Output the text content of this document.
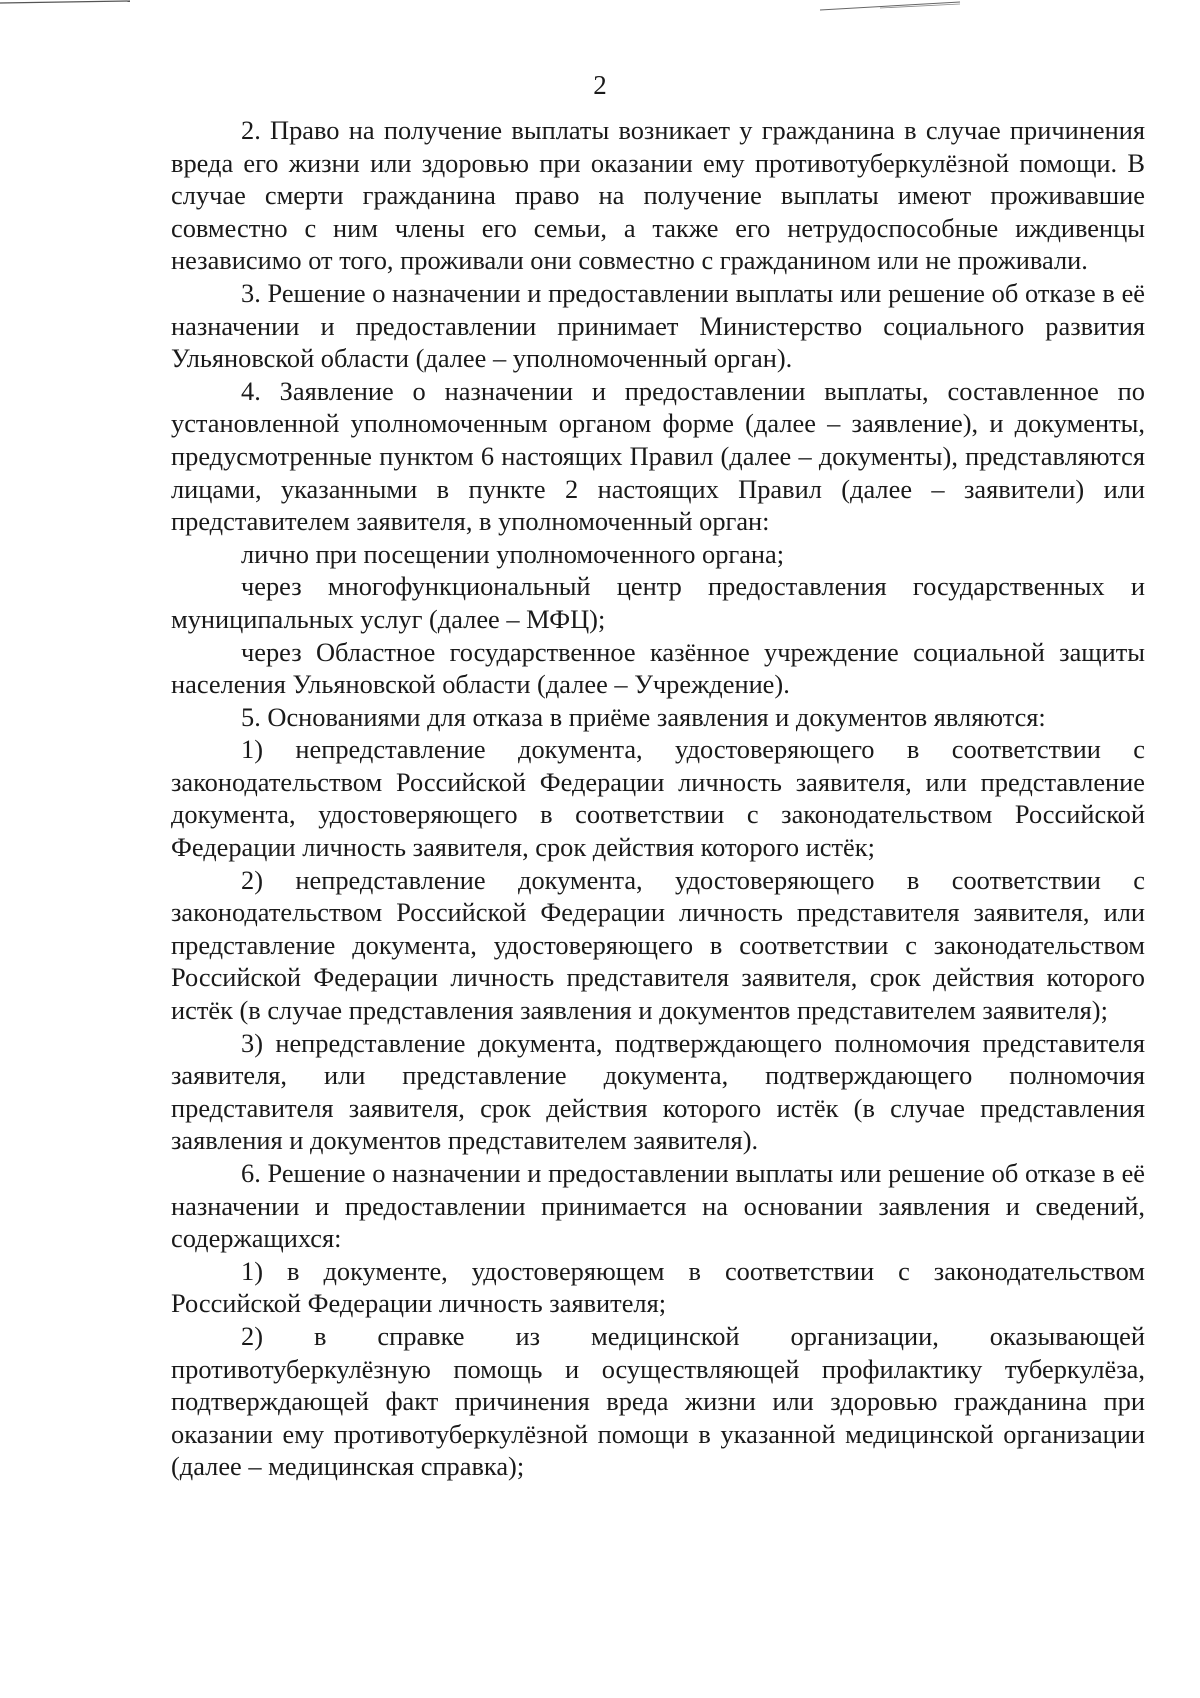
2

2. Право на получение выплаты возникает у гражданина в случае причинения вреда его жизни или здоровью при оказании ему противотуберкулёзной помощи. В случае смерти гражданина право на получение выплаты имеют проживавшие совместно с ним члены его семьи, а также его нетрудоспособные иждивенцы независимо от того, проживали они совместно с гражданином или не проживали.

3. Решение о назначении и предоставлении выплаты или решение об отказе в её назначении и предоставлении принимает Министерство социального развития Ульяновской области (далее – уполномоченный орган).

4. Заявление о назначении и предоставлении выплаты, составленное по установленной уполномоченным органом форме (далее – заявление), и документы, предусмотренные пунктом 6 настоящих Правил (далее – документы), представляются лицами, указанными в пункте 2 настоящих Правил (далее – заявители) или представителем заявителя, в уполномоченный орган:

лично при посещении уполномоченного органа;

через многофункциональный центр предоставления государственных и муниципальных услуг (далее – МФЦ);

через Областное государственное казённое учреждение социальной защиты населения Ульяновской области (далее – Учреждение).

5. Основаниями для отказа в приёме заявления и документов являются:

1) непредставление документа, удостоверяющего в соответствии с законодательством Российской Федерации личность заявителя, или представление документа, удостоверяющего в соответствии с законодательством Российской Федерации личность заявителя, срок действия которого истёк;

2) непредставление документа, удостоверяющего в соответствии с законодательством Российской Федерации личность представителя заявителя, или представление документа, удостоверяющего в соответствии с законодательством Российской Федерации личность представителя заявителя, срок действия которого истёк (в случае представления заявления и документов представителем заявителя);

3) непредставление документа, подтверждающего полномочия представителя заявителя, или представление документа, подтверждающего полномочия представителя заявителя, срок действия которого истёк (в случае представления заявления и документов представителем заявителя).

6. Решение о назначении и предоставлении выплаты или решение об отказе в её назначении и предоставлении принимается на основании заявления и сведений, содержащихся:

1) в документе, удостоверяющем в соответствии с законодательством Российской Федерации личность заявителя;

2) в справке из медицинской организации, оказывающей противотуберкулёзную помощь и осуществляющей профилактику туберкулёза, подтверждающей факт причинения вреда жизни или здоровью гражданина при оказании ему противотуберкулёзной помощи в указанной медицинской организации (далее – медицинская справка);
